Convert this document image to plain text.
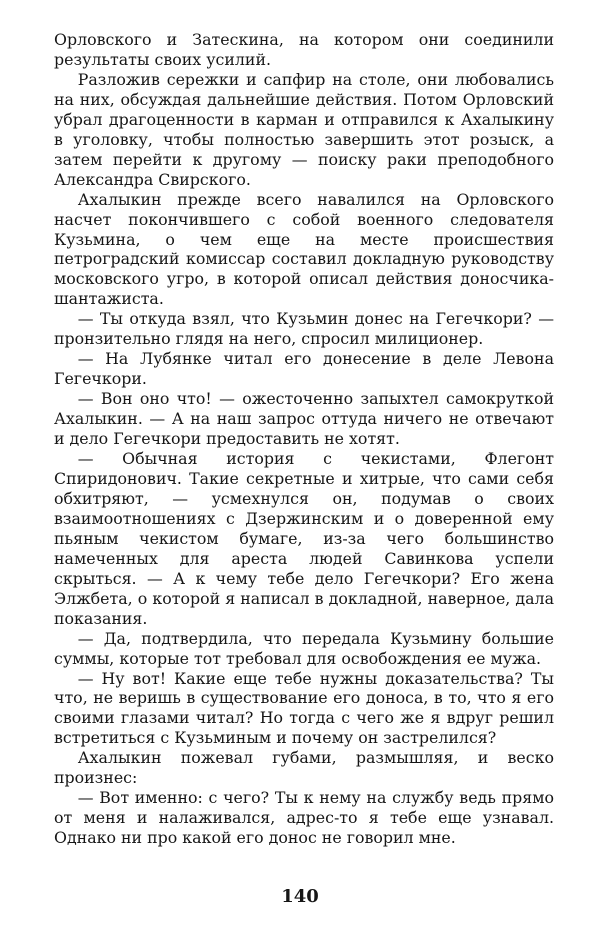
Орловского и Затескина, на котором они соединили результаты своих усилий.

Разложив сережки и сапфир на столе, они любовались на них, обсуждая дальнейшие действия. Потом Орловский убрал драгоценности в карман и отправился к Ахалыкину в уголовку, чтобы полностью завершить этот розыск, а затем перейти к другому — поиску раки преподобного Александра Свирского.

Ахалыкин прежде всего навалился на Орловского насчет покончившего с собой военного следователя Кузьмина, о чем еще на месте происшествия петроградский комиссар составил докладную руководству московского угро, в которой описал действия доносчика-шантажиста.

— Ты откуда взял, что Кузьмин донес на Гегечкори? — пронзительно глядя на него, спросил милиционер.

— На Лубянке читал его донесение в деле Левона Гегечкори.

— Вон оно что! — ожесточенно запыхтел самокруткой Ахалыкин. — А на наш запрос оттуда ничего не отвечают и дело Гегечкори предоставить не хотят.

— Обычная история с чекистами, Флегонт Спиридонович. Такие секретные и хитрые, что сами себя обхитряют, — усмехнулся он, подумав о своих взаимоотношениях с Дзержинским и о доверенной ему пьяным чекистом бумаге, из-за чего большинство намеченных для ареста людей Савинкова успели скрыться. — А к чему тебе дело Гегечкори? Его жена Элжбета, о которой я написал в докладной, наверное, дала показания.

— Да, подтвердила, что передала Кузьмину большие суммы, которые тот требовал для освобождения ее мужа.

— Ну вот! Какие еще тебе нужны доказательства? Ты что, не веришь в существование его доноса, в то, что я его своими глазами читал? Но тогда с чего же я вдруг решил встретиться с Кузьминым и почему он застрелился?

Ахалыкин пожевал губами, размышляя, и веско произнес:

— Вот именно: с чего? Ты к нему на службу ведь прямо от меня и налаживался, адрес-то я тебе еще узнавал. Однако ни про какой его донос не говорил мне.

140
